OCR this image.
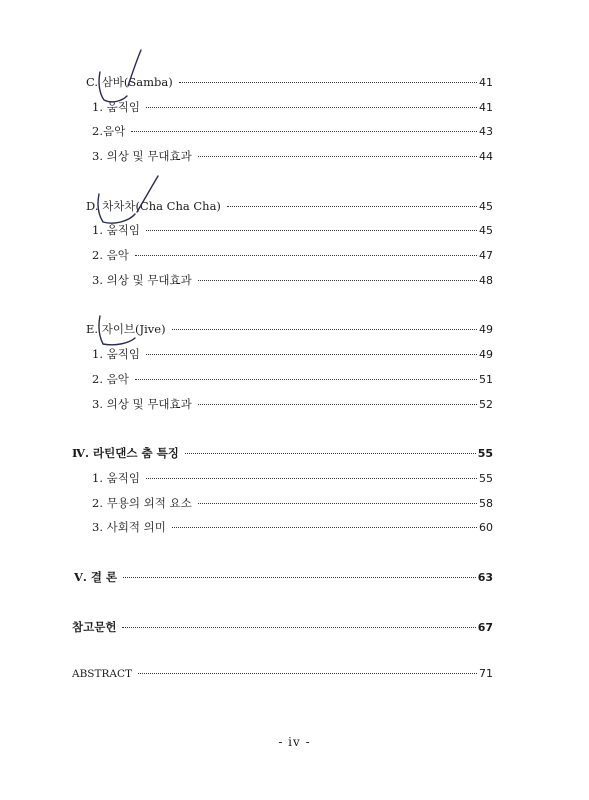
C. 삼바(Samba)	41
1. 움직임	41
2.음악	43
3. 의상 및 무대효과	44
D. 차차차(Cha Cha Cha)	45
1. 움직임	45
2. 음악	47
3. 의상 및 무대효과	48
E. 자이브(Jive)	49
1. 움직임	49
2. 음악	51
3. 의상 및 무대효과	52
Ⅳ. 라틴댄스 춤 특징	55
1. 움직임	55
2. 무용의 외적 요소	58
3. 사회적 의미	60
Ⅴ. 결 론	63
참고문헌	67
ABSTRACT	71
- iv -
